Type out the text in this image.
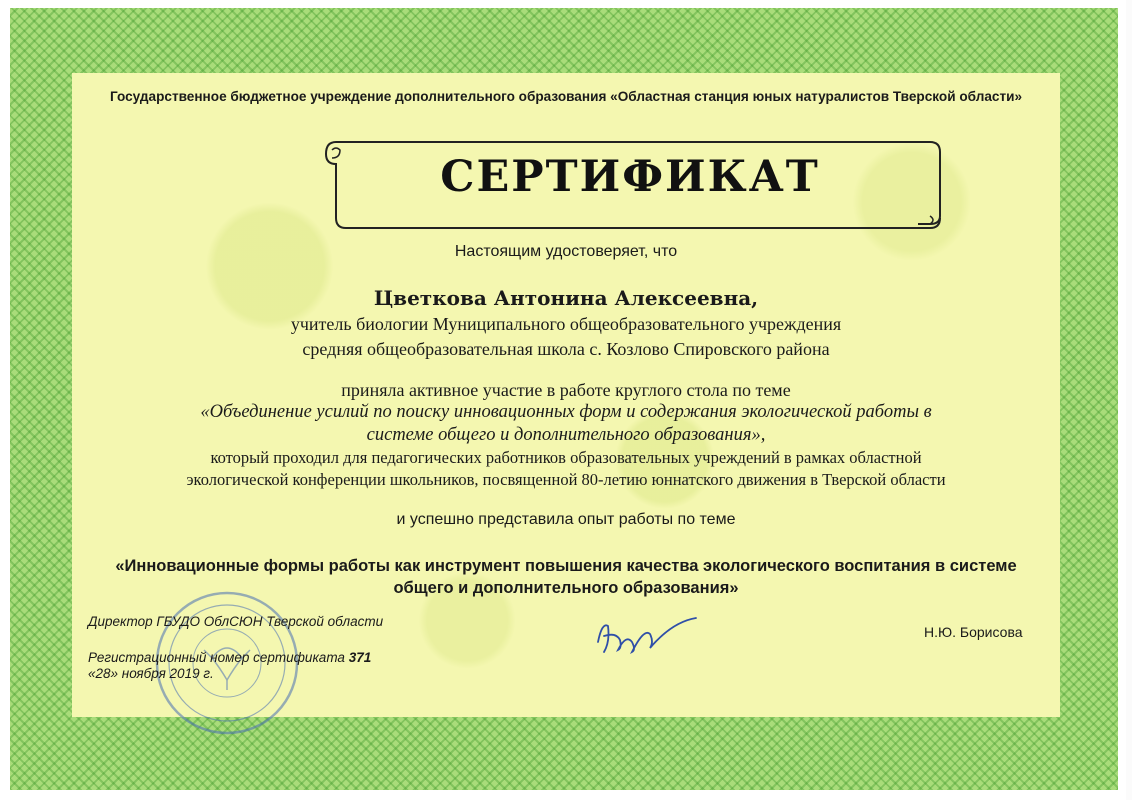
Государственное бюджетное учреждение дополнительного образования «Областная станция юных натуралистов Тверской области»
СЕРТИФИКАТ
Настоящим удостоверяет, что
Цветкова Антонина Алексеевна,
учитель биологии Муниципального общеобразовательного учреждения
средняя общеобразовательная школа с. Козлово Спировского района
приняла активное участие в работе круглого стола по теме
«Объединение усилий по поиску инновационных форм и содержания экологической работы в
системе общего и дополнительного образования»,
который проходил для педагогических работников образовательных учреждений в рамках областной
экологической конференции школьников, посвященной 80-летию юннатского движения в Тверской области
и успешно представила опыт работы по теме
«Инновационные формы работы как инструмент повышения качества экологического воспитания в системе
общего и дополнительного образования»
Директор ГБУДО ОблСЮН Тверской области
Н.Ю. Борисова
Регистрационный номер сертификата 371
«28» ноября 2019 г.
